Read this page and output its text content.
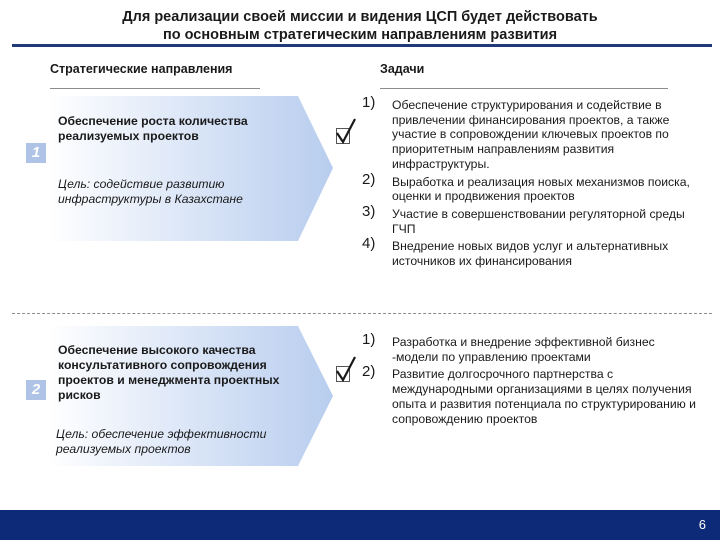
Для реализации своей миссии и видения ЦСП будет действовать
по основным стратегическим направлениям развития
Стратегические направления	Задачи
1
Обеспечение роста количества реализуемых проектов
Цель: содействие развитию инфраструктуры в Казахстане
1) Обеспечение структурирования и содействие в привлечении финансирования проектов, а также участие в сопровождении ключевых проектов по приоритетным направлениям развития инфраструктуры.
2) Выработка и реализация новых механизмов поиска, оценки и продвижения проектов
3) Участие в совершенствовании регуляторной среды ГЧП
4) Внедрение новых видов услуг и альтернативных источников их финансирования
2
Обеспечение высокого качества консультативного сопровождения проектов и менеджмента проектных рисков
Цель: обеспечение эффективности реализуемых проектов
1) Разработка и внедрение эффективной бизнес -модели по управлению проектами
2) Развитие долгосрочного партнерства с международными организациями в целях получения опыта и развития потенциала по структурированию и сопровождению проектов
6
